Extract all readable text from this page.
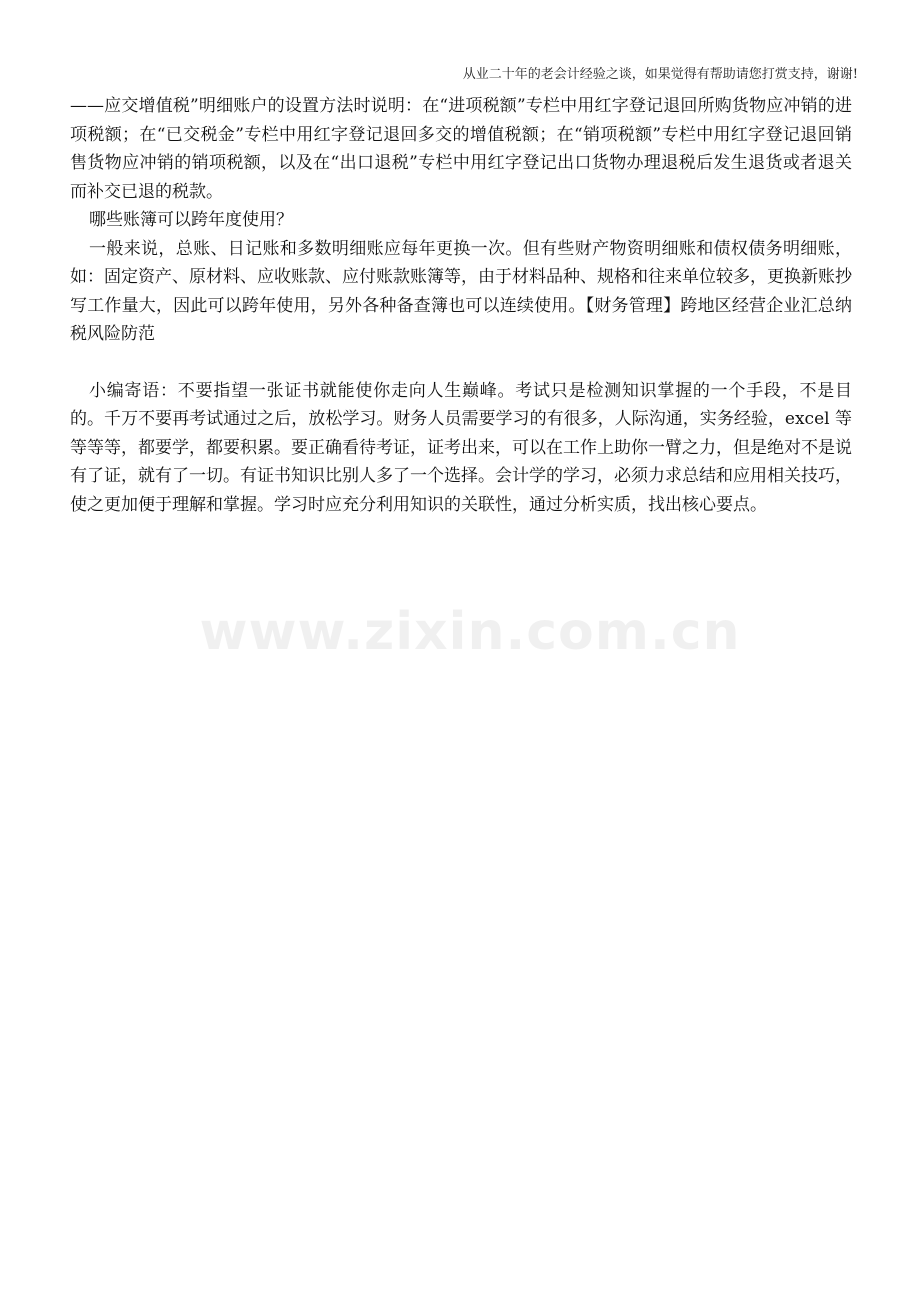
从业二十年的老会计经验之谈，如果觉得有帮助请您打赏支持，谢谢!

——应交增值税”明细账户的设置方法时说明：在“进项税额”专栏中用红字登记退回所购货物应冲销的进项税额；在“已交税金”专栏中用红字登记退回多交的增值税额；在“销项税额”专栏中用红字登记退回销售货物应冲销的销项税额，以及在“出口退税”专栏中用红字登记出口货物办理退税后发生退货或者退关而补交已退的税款。

哪些账簿可以跨年度使用？

一般来说，总账、日记账和多数明细账应每年更换一次。但有些财产物资明细账和债权债务明细账，如：固定资产、原材料、应收账款、应付账款账簿等，由于材料品种、规格和往来单位较多，更换新账抄写工作量大，因此可以跨年使用，另外各种备查簿也可以连续使用。【财务管理】跨地区经营企业汇总纳税风险防范

小编寄语：不要指望一张证书就能使你走向人生巅峰。考试只是检测知识掌握的一个手段，不是目的。千万不要再考试通过之后，放松学习。财务人员需要学习的有很多，人际沟通，实务经验，excel 等等等等，都要学，都要积累。要正确看待考证，证考出来，可以在工作上助你一臂之力，但是绝对不是说有了证，就有了一切。有证书知识比别人多了一个选择。会计学的学习，必须力求总结和应用相关技巧，使之更加便于理解和掌握。学习时应充分利用知识的关联性，通过分析实质，找出核心要点。

www.zixin.com.cn
